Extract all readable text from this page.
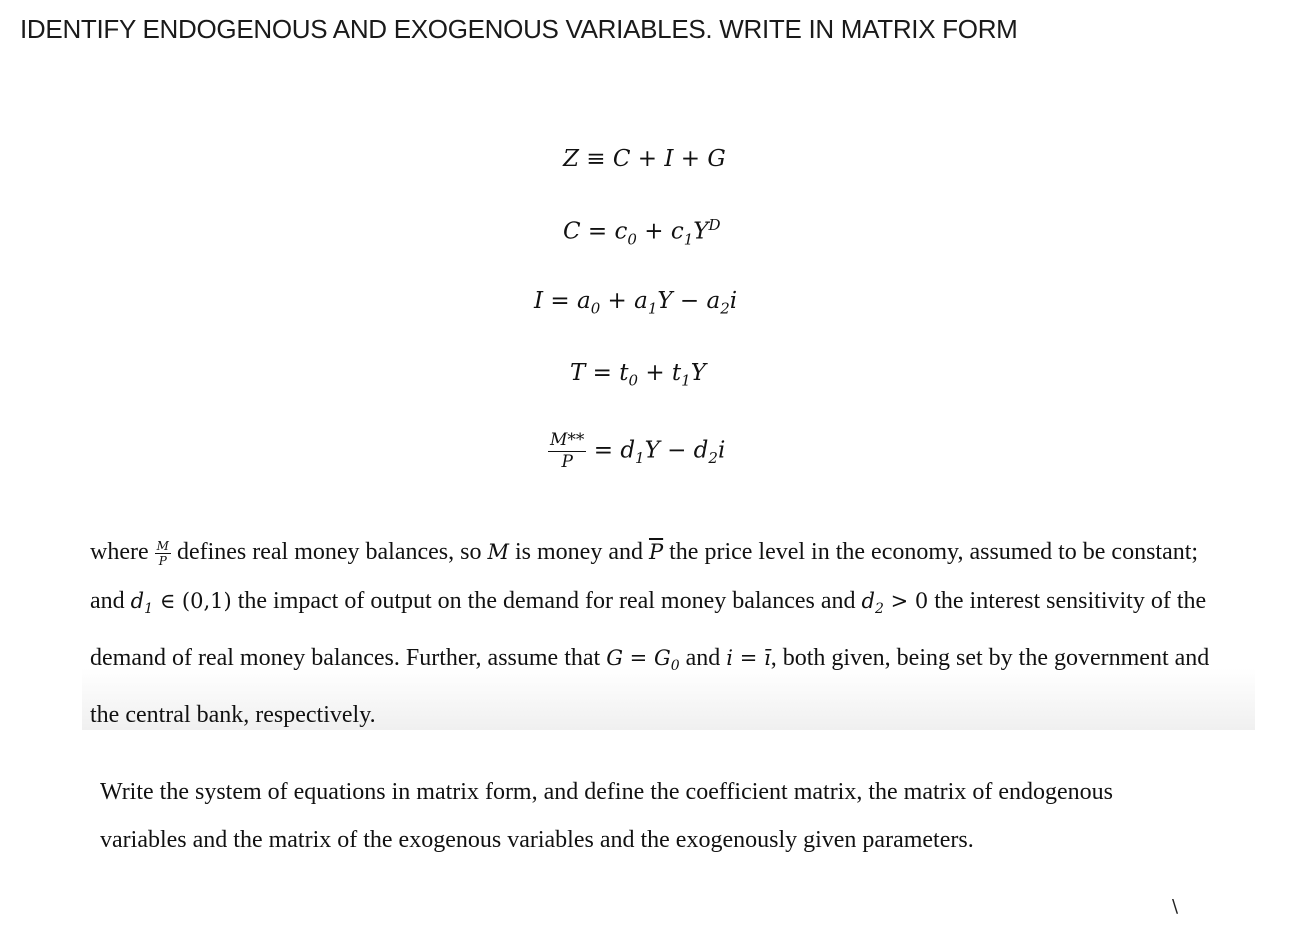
IDENTIFY ENDOGENOUS AND EXOGENOUS VARIABLES. WRITE IN MATRIX FORM
Z ≡ C + I + G
$C = c_0 + c_1Y^D$
$I = a_0 + a_1Y - a_2i$
$T = t_0 + t_1Y$
$\frac{M**}{P} = d_1Y - d_2i$
where $\frac{M}{P}$ defines real money balances, so M is money and $\overline{P}$ the price level in the economy, assumed to be constant; and $d_1$ ∈ (0,1) the impact of output on the demand for real money balances and $d_2 > 0$ the interest sensitivity of the demand of real money balances. Further, assume that $G = G_0$ and i = ī, both given, being set by the government and the central bank, respectively.
Write the system of equations in matrix form, and define the coefficient matrix, the matrix of endogenous variables and the matrix of the exogenous variables and the exogenously given parameters.
\
